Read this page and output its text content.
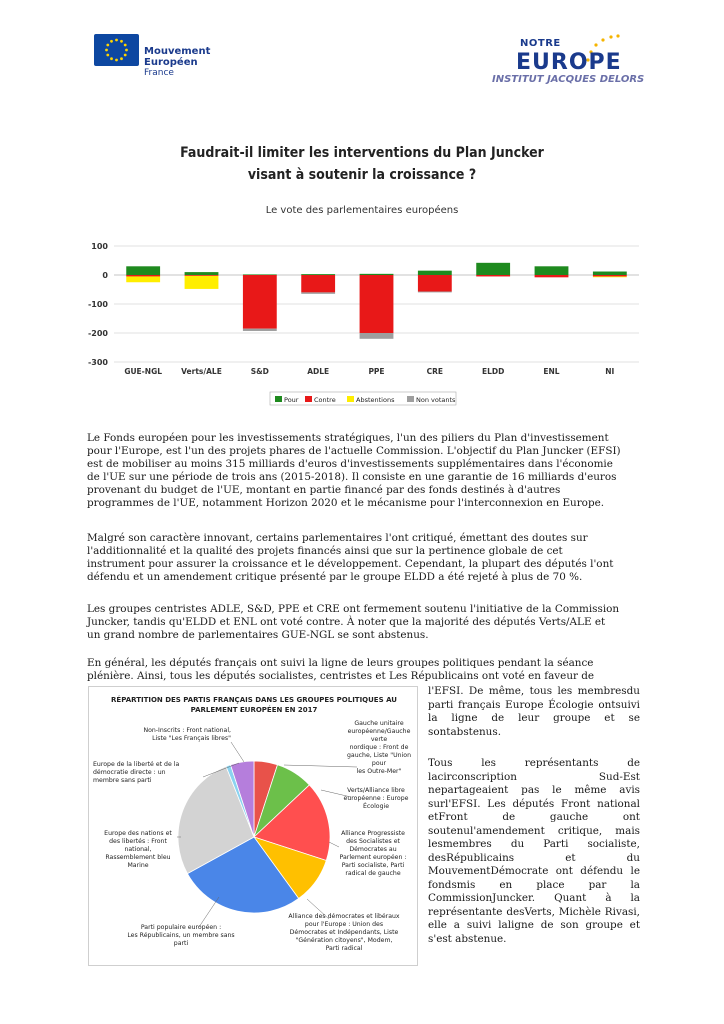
Mouvement
Européen
France
NOTRE
EUROPE
INSTITUT JACQUES DELORS
Faudrait-il limiter les interventions du Plan Juncker
visant à soutenir la croissance ?
Le vote des parlementaires européens
100
0
-100
-200
-300
GUE-NGL	Verts/ALE	S&D	ADLE	PPE	CRE	ELDD	ENL	NI
Pour Contre	Abstentions	Non votants
Le Fonds européen pour les investissements stratégiques, l'un des piliers du Plan d'investissement
pour l'Europe, est l'un des projets phares de l'actuelle Commission. L'objectif du Plan Juncker (EFSI)
est de mobiliser au moins 315 milliards d'euros d'investissements supplémentaires dans l'économie
de l'UE sur une période de trois ans (2015-2018). Il consiste en une garantie de 16 milliards d'euros
provenant du budget de l'UE, montant en partie financé par des fonds destinés à d'autres
programmes de l'UE, notamment Horizon 2020 et le mécanisme pour l'interconnexion en Europe.
Malgré son caractère innovant, certains parlementaires l'ont critiqué, émettant des doutes sur
l'additionnalité et la qualité des projets financés ainsi que sur la pertinence globale de cet
instrument pour assurer la croissance et le développement. Cependant, la plupart des députés l'ont
défendu et un amendement critique présenté par le groupe ELDD a été rejeté à plus de 70 %.
Les groupes centristes ADLE, S&D, PPE et CRE ont fermement soutenu l'initiative de la Commission
Juncker, tandis qu'ELDD et ENL ont voté contre. À noter que la majorité des députés Verts/ALE et
un grand nombre de parlementaires GUE-NGL se sont abstenus.
En général, les députés français ont suivi la ligne de leurs groupes politiques pendant la séance
plénière. Ainsi, tous les députés socialistes, centristes et Les Républicains ont voté en faveur de
RÉPARTITION DES PARTIS FRANÇAIS DANS LES GROUPES POLITIQUES AU
PARLEMENT EUROPÉEN EN 2017
Gauche unitaire
européenne/Gauche verte
nordique : Front de
gauche, Liste "Union pour
les Outre-Mer"
Verts/Alliance libre
européenne : Europe
Écologie
Alliance Progressiste
des Socialistes et
Démocrates au
Parlement européen :
Parti socialiste, Parti
radical de gauche
Alliance des démocrates et libéraux
pour l'Europe : Union des
Démocrates et Indépendants, Liste
"Génération citoyens", Modem,
Parti radical
Parti populaire européen :
Les Républicains, un membre sans
parti
Europe des nations et
des libertés : Front
national,
Rassemblement bleu
Marine
Europe de la liberté et de la
démocratie directe : un
membre sans parti
Non-Inscrits : Front national,
Liste "Les Français libres"
l'EFSI. De même, tous les membresdu parti français Europe Écologie ontsuivi la ligne de leur groupe et se sontabstenus.
Tous les représentants de lacirconscription Sud-Est nepartageaient pas le même avis surl'EFSI. Les députés Front national etFront de gauche ont soutenul'amendement critique, mais lesmembres du Parti socialiste, desRépublicains et du MouvementDémocrate ont défendu le fondsmis en place par la CommissionJuncker. Quant à la représentante desVerts, Michèle Rivasi, elle a suivi laligne de son groupe et s'est abstenue.
